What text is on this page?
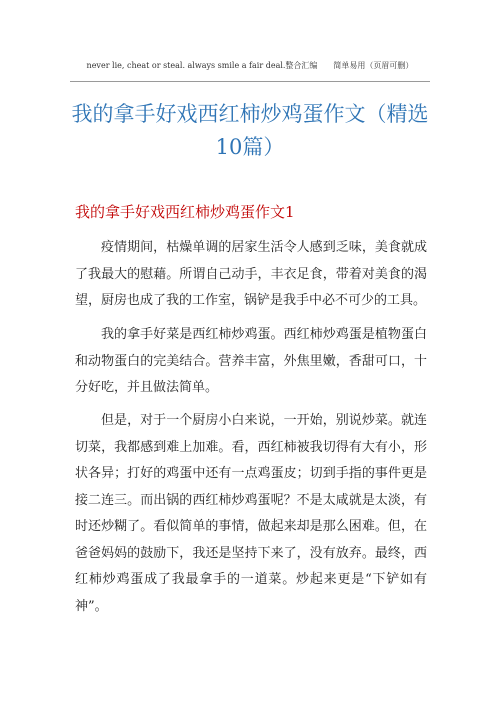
never lie, cheat or steal. always smile a fair deal.整合汇编　　简单易用（页眉可删）
我的拿手好戏西红柿炒鸡蛋作文（精选10篇）
我的拿手好戏西红柿炒鸡蛋作文1

疫情期间，枯燥单调的居家生活令人感到乏味，美食就成了我最大的慰藉。所谓自己动手，丰衣足食，带着对美食的渴望，厨房也成了我的工作室，锅铲是我手中必不可少的工具。

我的拿手好菜是西红柿炒鸡蛋。西红柿炒鸡蛋是植物蛋白和动物蛋白的完美结合。营养丰富，外焦里嫩，香甜可口，十分好吃，并且做法简单。

但是，对于一个厨房小白来说，一开始，别说炒菜。就连切菜，我都感到难上加难。看，西红柿被我切得有大有小，形状各异；打好的鸡蛋中还有一点鸡蛋皮；切到手指的事件更是接二连三。而出锅的西红柿炒鸡蛋呢？不是太咸就是太淡，有时还炒糊了。看似简单的事情，做起来却是那么困难。但，在爸爸妈妈的鼓励下，我还是坚持下来了，没有放弃。最终，西红柿炒鸡蛋成了我最拿手的一道菜。炒起来更是“下铲如有神”。
